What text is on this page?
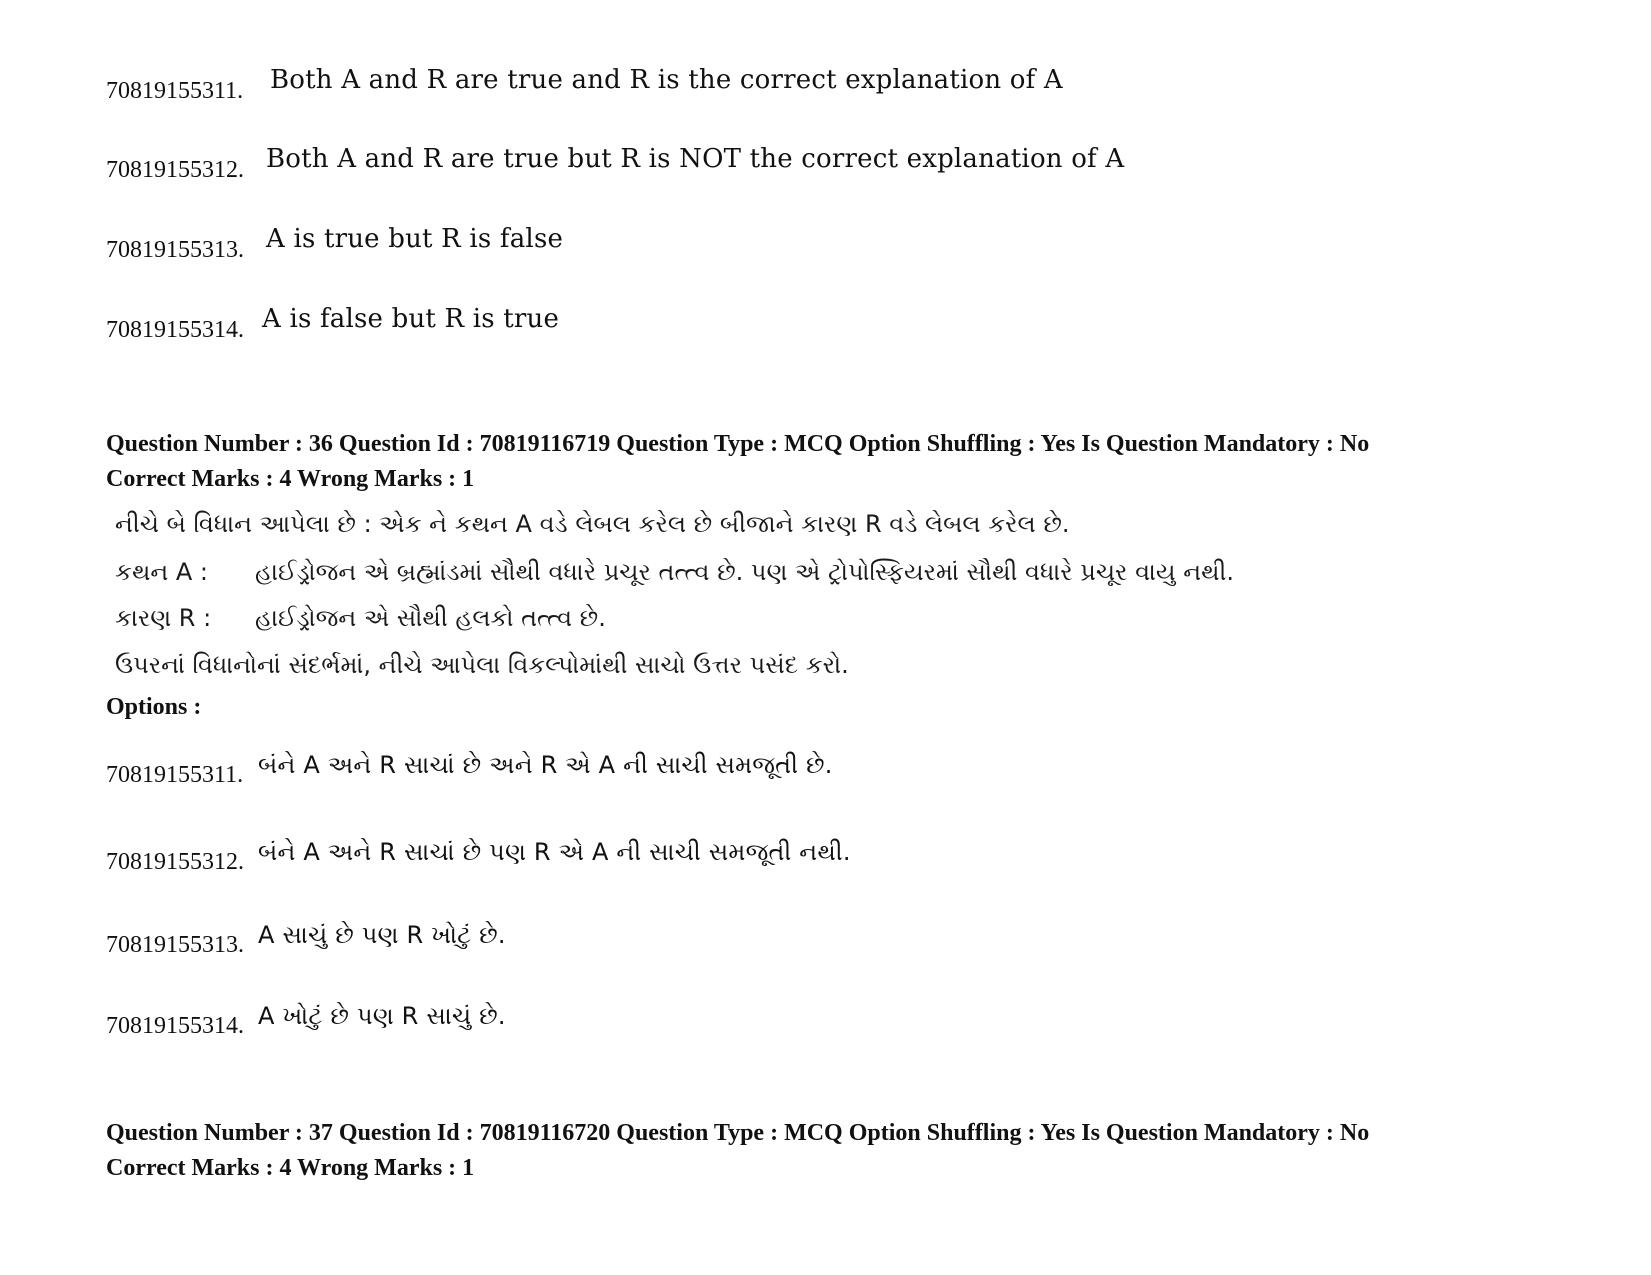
70819155311. Both A and R are true and R is the correct explanation of A
70819155312. Both A and R are true but R is NOT the correct explanation of A
70819155313. A is true but R is false
70819155314. A is false but R is true
Question Number : 36 Question Id : 70819116719 Question Type : MCQ Option Shuffling : Yes Is Question Mandatory : No
Correct Marks : 4 Wrong Marks : 1
નીચે બે વિધાન આપેલા છે : એક ને કથન A વડે લેબલ કરેલ છે બીજાને કારણ R વડે લેબલ કરેલ છે.
કથન A : હાઈડ્રોજન એ બ્રહ્માંડમાં સૌથી વધારે પ્રચૂર તત્ત્વ છે. પણ એ ટ્રોપોસ્ફિયરમાં સૌથી વધારે પ્રચૂર વાયુ નથી.
કારણ R : હાઈડ્રોજન એ સૌથી હલકો તત્ત્વ છે.
ઉપરનાં વિધાનોનાં સંદર્ભમાં, નીચે આપેલા વિકલ્પોમાંથી સાચો ઉત્તર પસંદ કરો.
Options :
70819155311. બંને A અને R સાચાં છે અને R એ A ની સાચી સમજૂતી છે.
70819155312. બંને A અને R સાચાં છે પણ R એ A ની સાચી સમજૂતી નથી.
70819155313. A સાચું છે પણ R ખોટું છે.
70819155314. A ખોટું છે પણ R સાચું છે.
Question Number : 37 Question Id : 70819116720 Question Type : MCQ Option Shuffling : Yes Is Question Mandatory : No
Correct Marks : 4 Wrong Marks : 1
